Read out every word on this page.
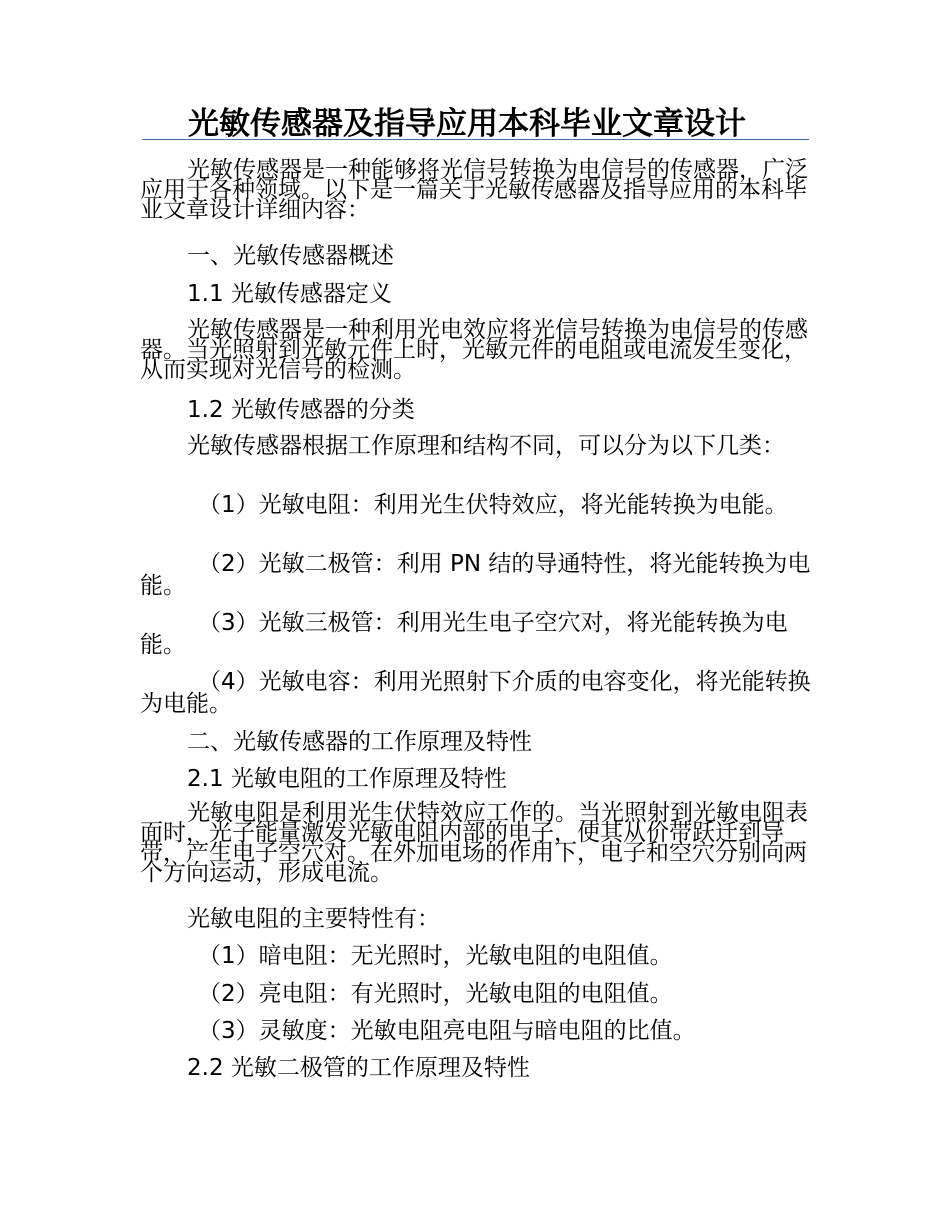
光敏传感器及指导应用本科毕业文章设计

光敏传感器是一种能够将光信号转换为电信号的传感器，广泛应用于各种领域。以下是一篇关于光敏传感器及指导应用的本科毕业文章设计详细内容：

一、光敏传感器概述

1.1 光敏传感器定义

光敏传感器是一种利用光电效应将光信号转换为电信号的传感器。当光照射到光敏元件上时，光敏元件的电阻或电流发生变化，从而实现对光信号的检测。

1.2 光敏传感器的分类

光敏传感器根据工作原理和结构不同，可以分为以下几类：

（1）光敏电阻：利用光生伏特效应，将光能转换为电能。

（2）光敏二极管：利用 PN 结的导通特性，将光能转换为电能。

（3）光敏三极管：利用光生电子空穴对，将光能转换为电能。

（4）光敏电容：利用光照射下介质的电容变化，将光能转换为电能。

二、光敏传感器的工作原理及特性

2.1 光敏电阻的工作原理及特性

光敏电阻是利用光生伏特效应工作的。当光照射到光敏电阻表面时，光子能量激发光敏电阻内部的电子，使其从价带跃迁到导带，产生电子空穴对。在外加电场的作用下，电子和空穴分别向两个方向运动，形成电流。

光敏电阻的主要特性有：

（1）暗电阻：无光照时，光敏电阻的电阻值。

（2）亮电阻：有光照时，光敏电阻的电阻值。

（3）灵敏度：光敏电阻亮电阻与暗电阻的比值。

2.2 光敏二极管的工作原理及特性
